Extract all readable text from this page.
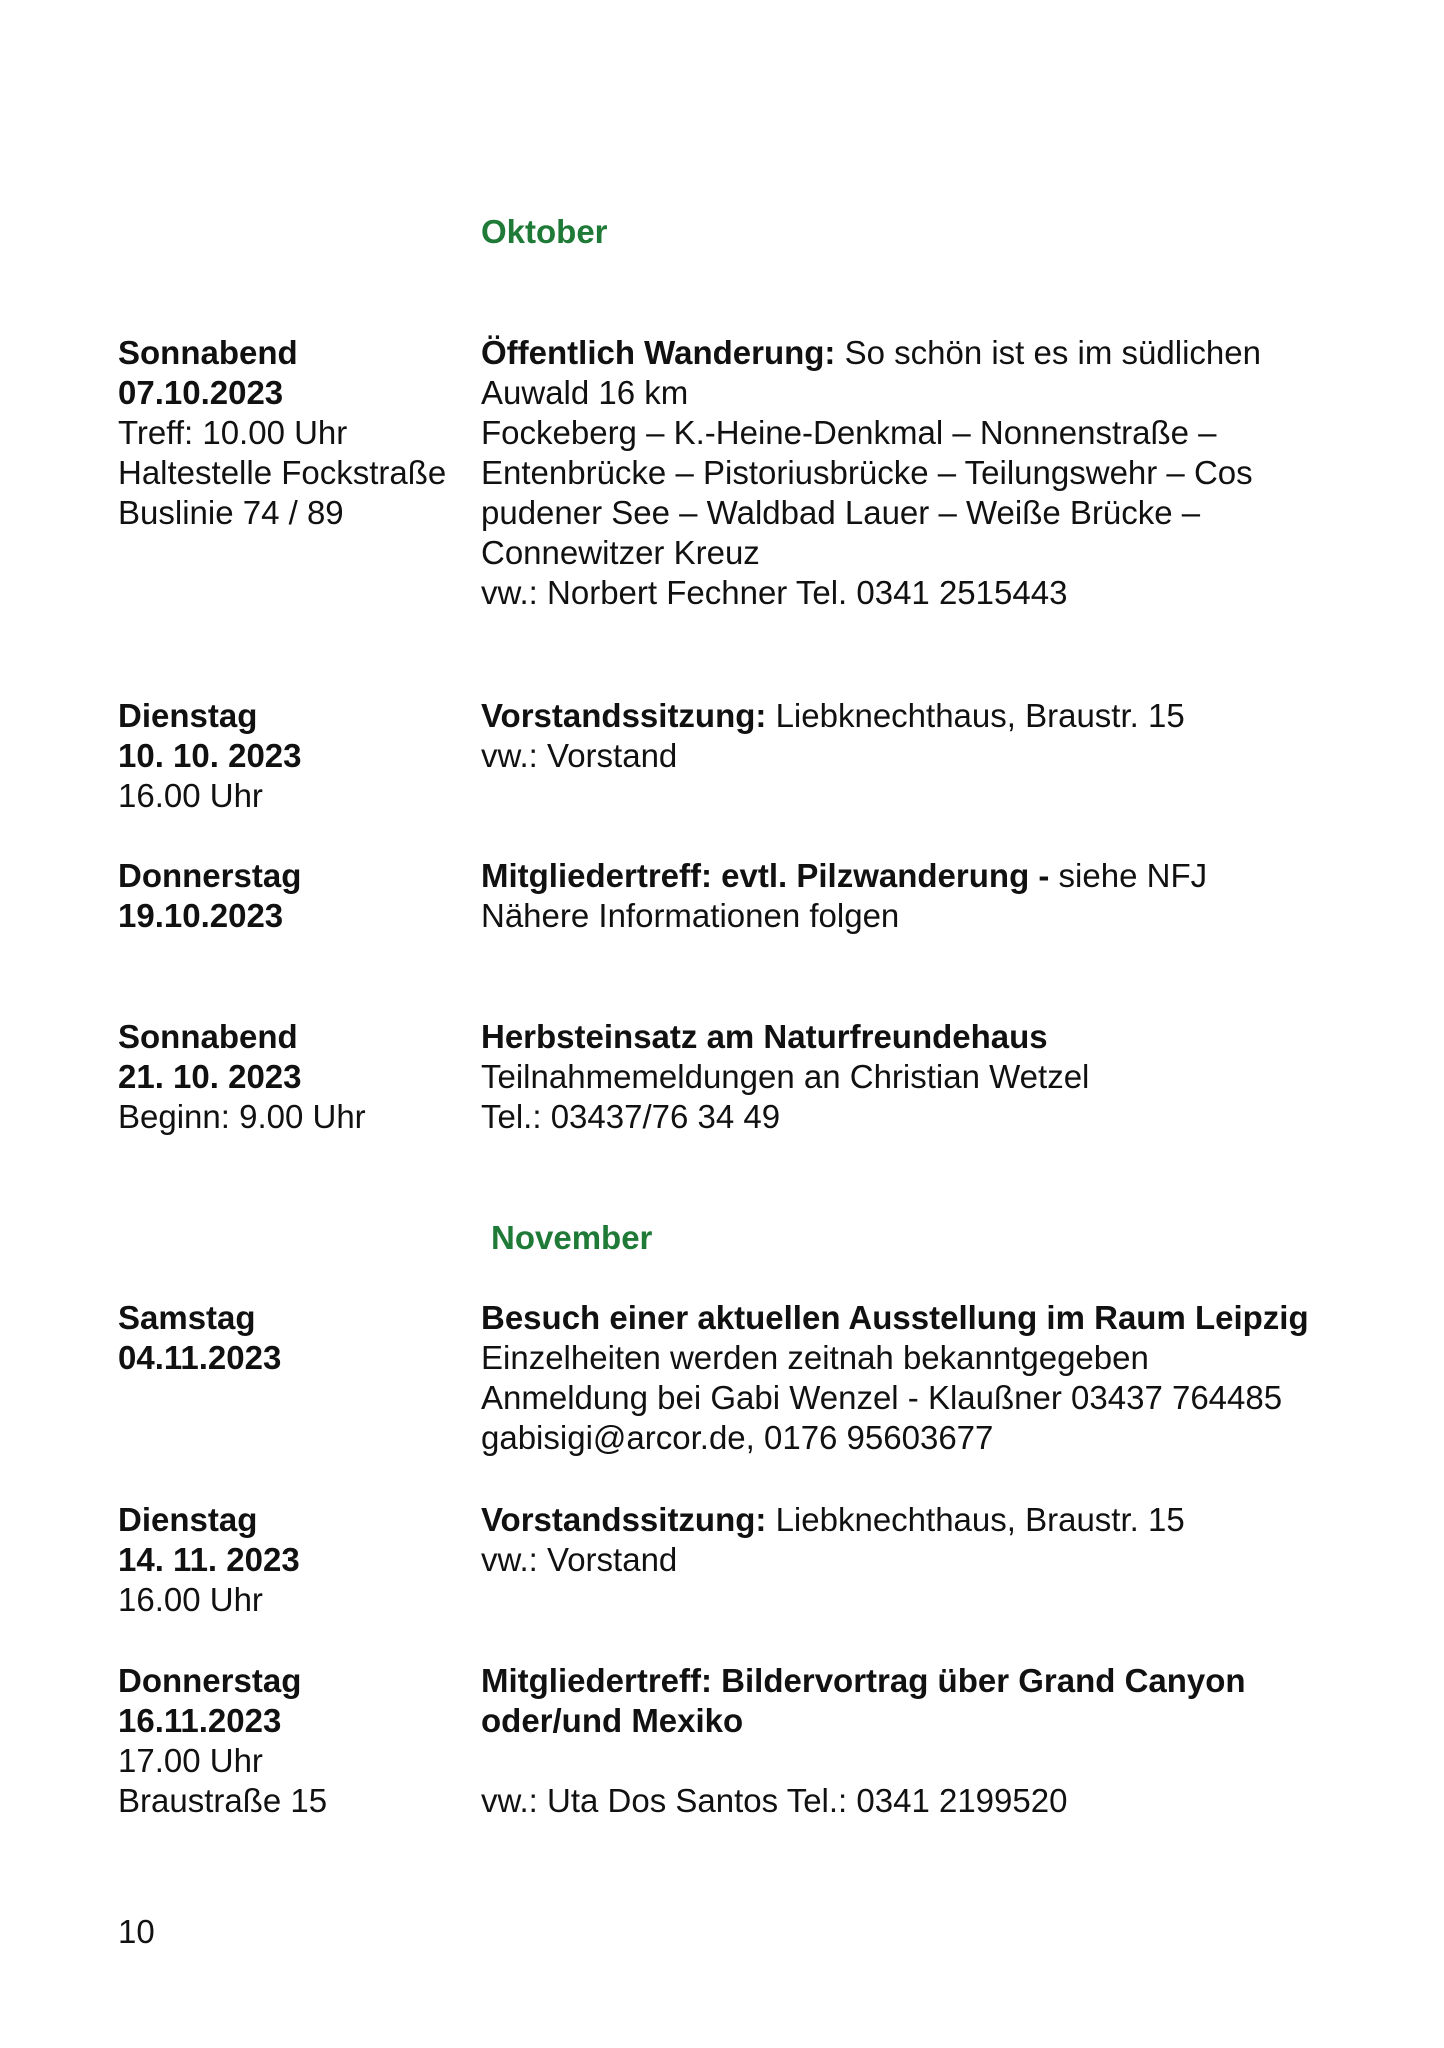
Oktober
Sonnabend
07.10.2023
Treff: 10.00 Uhr
Haltestelle Fockstraße
Buslinie 74 / 89
Öffentlich Wanderung: So schön ist es im südlichen
Auwald 16 km
Fockeberg – K.-Heine-Denkmal – Nonnenstraße –
Entenbrücke – Pistoriusbrücke – Teilungswehr – Cos
pudener See – Waldbad Lauer – Weiße Brücke –
Connewitzer Kreuz
vw.: Norbert Fechner Tel. 0341 2515443
Dienstag
10. 10. 2023
16.00 Uhr
Vorstandssitzung: Liebknechthaus, Braustr. 15
vw.: Vorstand
Donnerstag
19.10.2023
Mitgliedertreff: evtl. Pilzwanderung - siehe NFJ
Nähere Informationen folgen
Sonnabend
21. 10. 2023
Beginn: 9.00 Uhr
Herbsteinsatz am Naturfreundehaus
Teilnahmemeldungen an Christian Wetzel
Tel.: 03437/76 34 49
November
Samstag
04.11.2023
Besuch einer aktuellen Ausstellung im Raum Leipzig
Einzelheiten werden zeitnah bekanntgegeben
Anmeldung bei Gabi Wenzel - Klaußner 03437 764485
gabisigi@arcor.de, 0176 95603677
Dienstag
14. 11. 2023
16.00 Uhr
Vorstandssitzung: Liebknechthaus, Braustr. 15
vw.: Vorstand
Donnerstag
16.11.2023
17.00 Uhr
Braustraße 15
Mitgliedertreff: Bildervortrag über Grand Canyon
oder/und Mexiko
vw.: Uta Dos Santos Tel.: 0341 2199520
10
